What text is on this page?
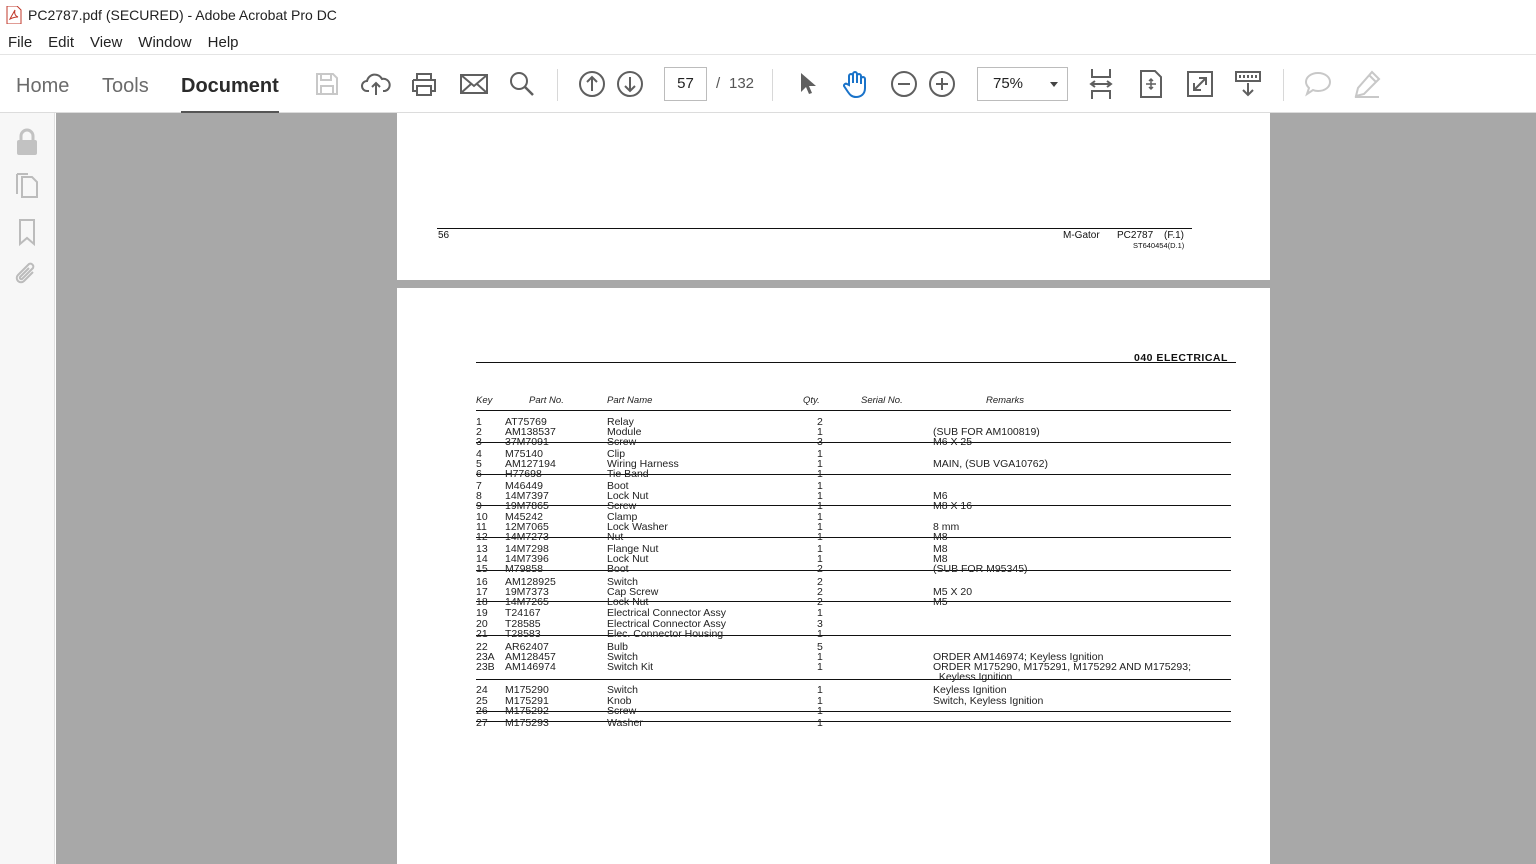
PC2787.pdf (SECURED) - Adobe Acrobat Pro DC
File	Edit	View	Window	Help
Home Tools Document	57	/ 132	75%
56	M-Gator PC2787 (F.1)
ST640454(D.1)
040 ELECTRICAL
Key	Part No.	Part Name	Qty.	Serial No.	Remarks
1 AT75769	Relay	2
2 AM138537	Module	1	(SUB FOR AM100819)
3 37M7091	Screw	3	M6 X 25
4 M75140	Clip	1
5 AM127194	Wiring Harness	1	MAIN, (SUB VGA10762)
6 H77698	Tie Band	1
7 M46449	Boot	1
8 14M7397	Lock Nut	1	M6
9 19M7865	Screw	1	M8 X 16
10 M45242	Clamp	1
11 12M7065	Lock Washer	1	8 mm
12 14M7273	Nut	1	M8
13 14M7298	Flange Nut	1	M8
14 14M7396	Lock Nut	1	M8
15 M79858	Boot	2	(SUB FOR M95345)
16 AM128925	Switch	2
17 19M7373	Cap Screw	2	M5 X 20
18 14M7265	Lock Nut	2	M5
19 T24167	Electrical Connector Assy	1
20 T28585	Electrical Connector Assy	3
21 T28583	Elec. Connector Housing	1
22 AR62407	Bulb	5
23A AM128457	Switch	1	ORDER AM146974; Keyless Ignition
23B AM146974	Switch Kit	1	ORDER M175290, M175291, M175292 AND M175293;
Keyless Ignition
24 M175290	Switch	1	Keyless Ignition
25 M175291	Knob	1	Switch, Keyless Ignition
26 M175292	Screw	1
27 M175293	Washer	1
